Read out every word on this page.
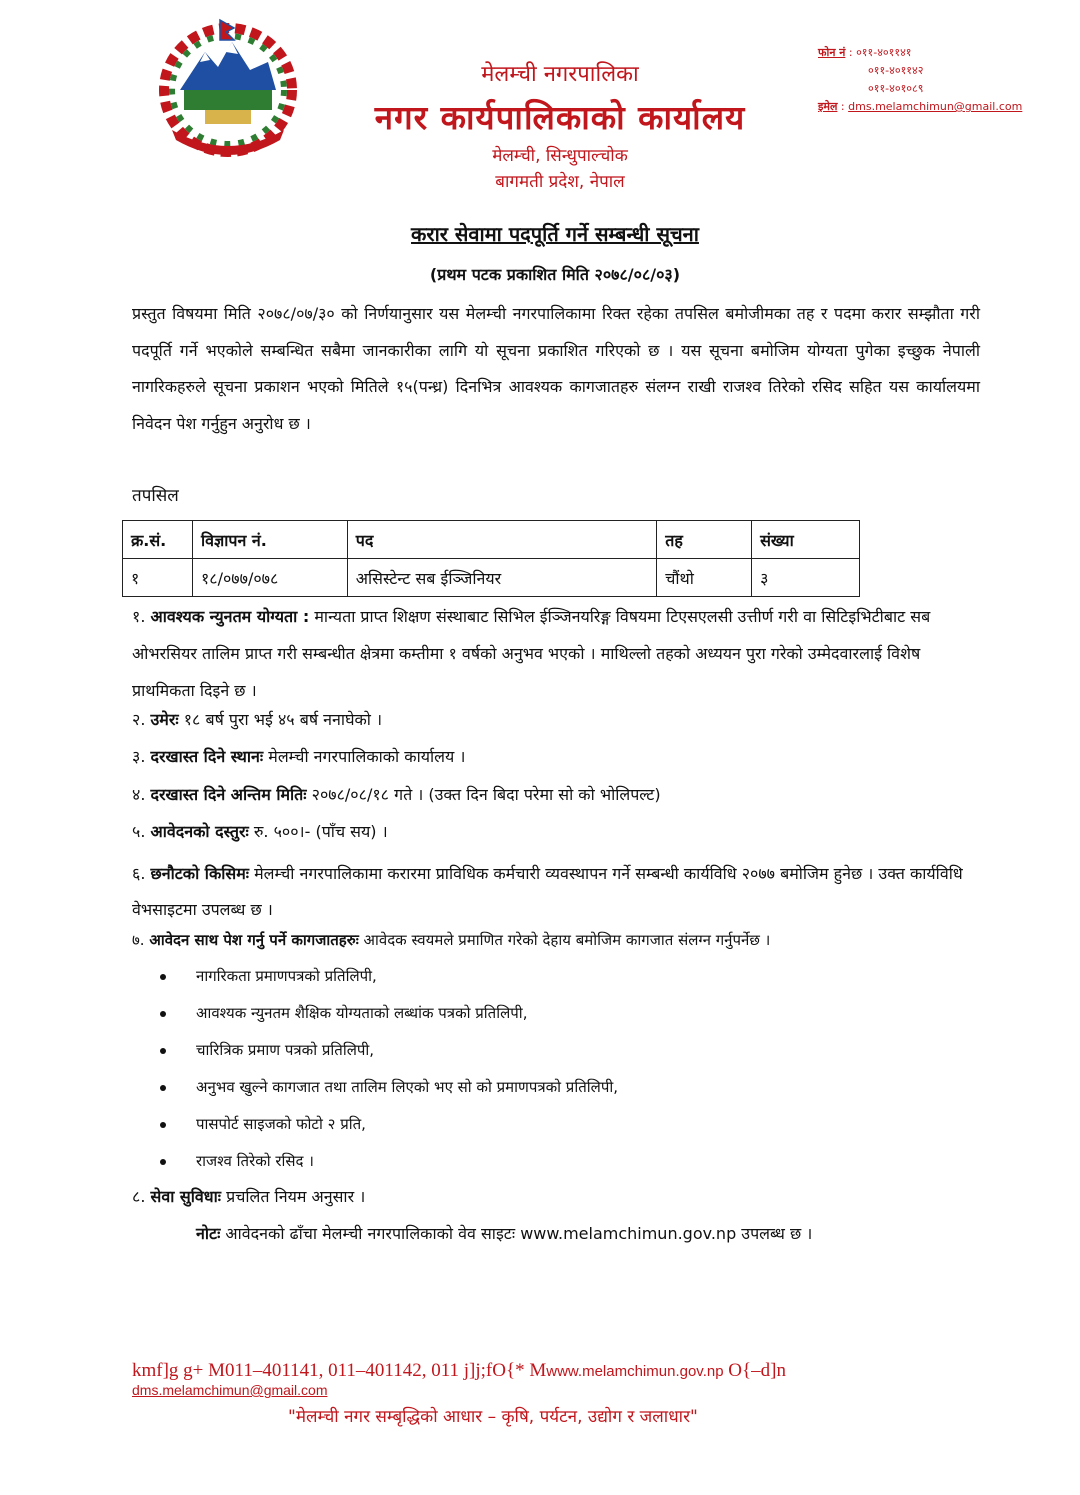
मेलम्ची नगरपालिका
नगर कार्यपालिकाको कार्यालय
मेलम्ची, सिन्धुपाल्चोक
बागमती प्रदेश, नेपाल
फोन नं : ०११-४०११४१
०११-४०११४२
०११-४०१०८९
इमेल : dms.melamchimun@gmail.com
करार सेवामा पदपूर्ति गर्ने सम्बन्धी सूचना
(प्रथम पटक प्रकाशित मिति २०७८/०८/०३)
प्रस्तुत विषयमा मिति २०७८/०७/३० को निर्णयानुसार यस मेलम्ची नगरपालिकामा रिक्त रहेका तपसिल बमोजीमका तह र पदमा करार सम्झौता गरी पदपूर्ति गर्ने भएकोले सम्बन्धित सबैमा जानकारीका लागि यो सूचना प्रकाशित गरिएको छ । यस सूचना बमोजिम योग्यता पुगेका इच्छुक नेपाली नागरिकहरुले सूचना प्रकाशन भएको मितिले १५(पन्ध्र) दिनभित्र आवश्यक कागजातहरु संलग्न राखी राजश्व तिरेको रसिद सहित यस कार्यालयमा निवेदन पेश गर्नुहुन अनुरोध छ ।
तपसिल
क्र.सं.	विज्ञापन नं.	पद	तह	संख्या
१	१८/०७७/०७८	असिस्टेन्ट सब ईञ्जिनियर	चौंथो	३
१. आवश्यक न्युनतम योग्यता : मान्यता प्राप्त शिक्षण संस्थाबाट सिभिल ईञ्जिनयरिङ्ग विषयमा टिएसएलसी उत्तीर्ण गरी वा सिटिइभिटीबाट सब ओभरसियर तालिम प्राप्त गरी सम्बन्धीत क्षेत्रमा कम्तीमा १ वर्षको अनुभव भएको । माथिल्लो तहको अध्ययन पुरा गरेको उम्मेदवारलाई विशेष प्राथमिकता दिइने छ ।
२. उमेरः १८ बर्ष पुरा भई ४५ बर्ष ननाघेको ।
३. दरखास्त दिने स्थानः मेलम्ची नगरपालिकाको कार्यालय ।
४. दरखास्त दिने अन्तिम मितिः २०७८/०८/१८ गते । (उक्त दिन बिदा परेमा सो को भोलिपल्ट)
५. आवेदनको दस्तुरः रु. ५००।- (पाँच सय) ।
६. छनौटको किसिमः मेलम्ची नगरपालिकामा करारमा प्राविधिक कर्मचारी व्यवस्थापन गर्ने सम्बन्धी कार्यविधि २०७७ बमोजिम हुनेछ । उक्त कार्यविधि वेभसाइटमा उपलब्ध छ ।
७. आवेदन साथ पेश गर्नु पर्ने कागजातहरुः आवेदक स्वयमले प्रमाणित गरेको देहाय बमोजिम कागजात संलग्न गर्नुपर्नेछ ।
नागरिकता प्रमाणपत्रको प्रतिलिपी,
आवश्यक न्युनतम शैक्षिक योग्यताको लब्धांक पत्रको प्रतिलिपी,
चारित्रिक प्रमाण पत्रको प्रतिलिपी,
अनुभव खुल्ने कागजात तथा तालिम लिएको भए सो को प्रमाणपत्रको प्रतिलिपी,
पासपोर्ट साइजको फोटो २ प्रति,
राजश्व तिरेको रसिद ।
८. सेवा सुविधाः प्रचलित नियम अनुसार ।
नोटः आवेदनको ढाँचा मेलम्ची नगरपालिकाको वेव साइटः www.melamchimun.gov.np उपलब्ध छ ।
kmf]g g+ M011–401141, 011–401142, 011 j]j;fO{* Mwww.melamchimun.gov.np O{–d]n
dms.melamchimun@gmail.com
"मेलम्ची नगर सम्बृद्धिको आधार – कृषि, पर्यटन, उद्योग र जलाधार"
